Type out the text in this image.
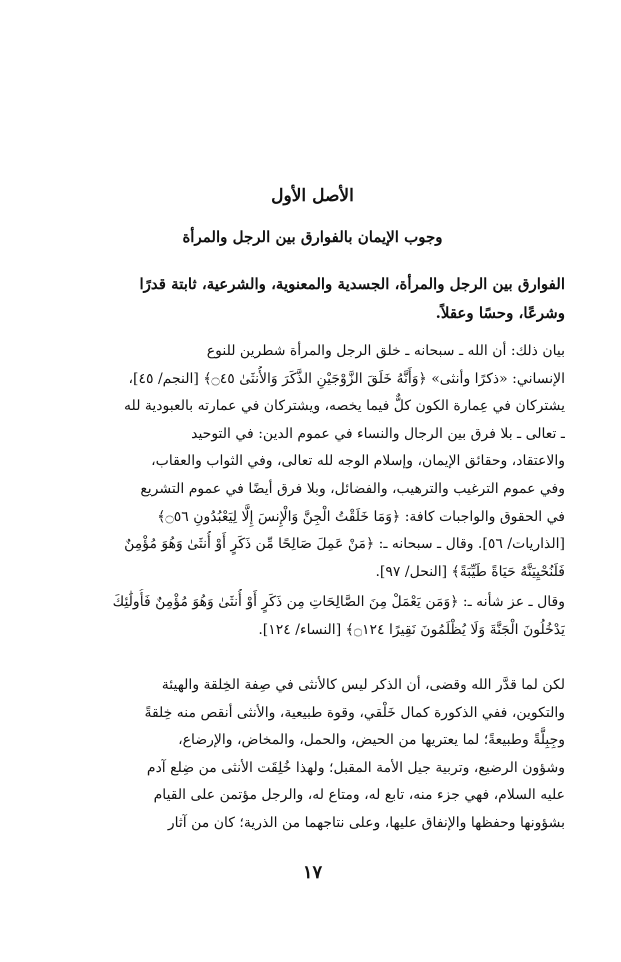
الأصل الأول
وجوب الإيمان بالفوارق بين الرجل والمرأة
الفوارق بين الرجل والمرأة، الجسدية والمعنوية، والشرعية، ثابتة قدرًا
وشرعًا، وحسًا وعقلاً.
بيان ذلك: أن الله ـ سبحانه ـ خلق الرجل والمرأة شطرين للنوع
الإنساني: «ذكرًا وأنثى» ﴿وَأَنَّهُ خَلَقَ الزَّوْجَيْنِ الذَّكَرَ وَالأُنثَىٰ ۝٤٥﴾ [النجم/ ٤٥]،
يشتركان في عِمارة الكون كلٌّ فيما يخصه، ويشتركان في عمارته بالعبودية لله
ـ تعالى ـ بلا فرق بين الرجال والنساء في عموم الدين: في التوحيد
والاعتقاد، وحقائق الإيمان، وإسلام الوجه لله تعالى، وفي الثواب والعقاب،
وفي عموم الترغيب والترهيب، والفضائل، وبلا فرق أيضًا في عموم التشريع
في الحقوق والواجبات كافة: ﴿وَمَا خَلَقْتُ الْجِنَّ وَالْإِنسَ إِلَّا لِيَعْبُدُونِ ۝٥٦﴾
[الذاريات/ ٥٦]. وقال ـ سبحانه ـ: ﴿مَنْ عَمِلَ صَالِحًا مِّن ذَكَرٍ أَوْ أُنثَىٰ وَهُوَ مُؤْمِنٌ
فَلَنُحْيِيَنَّهُ حَيَاةً طَيِّبَةً﴾ [النحل/ ٩٧].
وقال ـ عز شأنه ـ: ﴿وَمَن يَعْمَلْ مِنَ الصَّالِحَاتِ مِن ذَكَرٍ أَوْ أُنثَىٰ وَهُوَ مُؤْمِنٌ فَأُولَٰئِكَ
يَدْخُلُونَ الْجَنَّةَ وَلَا يُظْلَمُونَ نَقِيرًا ۝١٢٤﴾ [النساء/ ١٢٤].
لكن لما قدَّر الله وقضى، أن الذكر ليس كالأنثى في صِفة الخِلقة والهيئة
والتكوين، ففي الذكورة كمال خَلْقي، وقوة طبيعية، والأنثى أنقص منه خِلقةً
وجِبِلَّةً وطبيعةً؛ لما يعتريها من الحيض، والحمل، والمخاض، والإرضاع،
وشؤون الرضيع، وتربية جيل الأمة المقبل؛ ولهذا خُلِقَت الأنثى من ضِلع آدم
عليه السلام، فهي جزء منه، تابع له، ومتاع له، والرجل مؤتمن على القيام
بشؤونها وحفظها والإنفاق عليها، وعلى نتاجهما من الذرية؛ كان من آثار
١٧
